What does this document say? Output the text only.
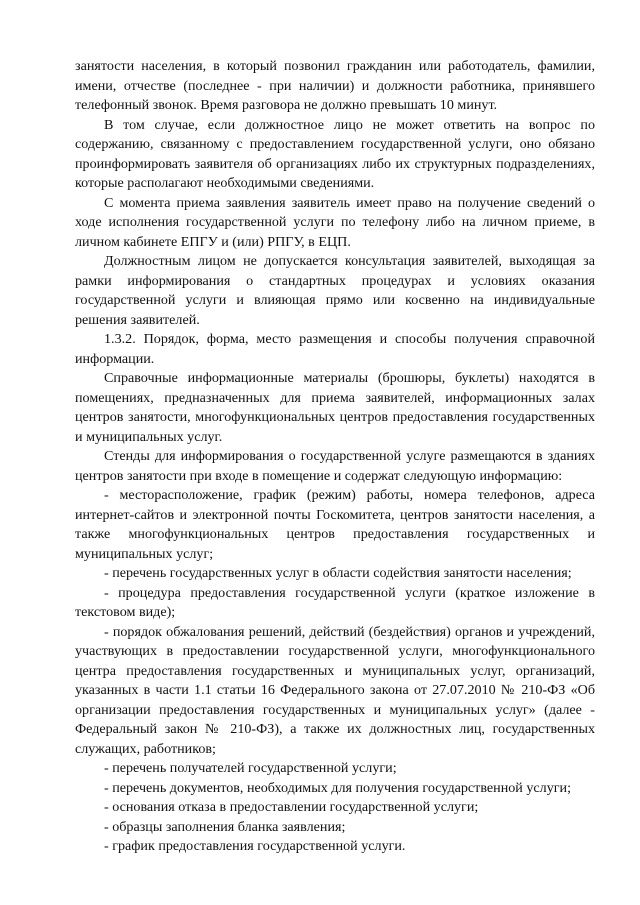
занятости населения, в который позвонил гражданин или работодатель, фамилии, имени, отчестве (последнее - при наличии) и должности работника, принявшего телефонный звонок. Время разговора не должно превышать 10 минут.

В том случае, если должностное лицо не может ответить на вопрос по содержанию, связанному с предоставлением государственной услуги, оно обязано проинформировать заявителя об организациях либо их структурных подразделениях, которые располагают необходимыми сведениями.

С момента приема заявления заявитель имеет право на получение сведений о ходе исполнения государственной услуги по телефону либо на личном приеме, в личном кабинете ЕПГУ и (или) РПГУ, в ЕЦП.

Должностным лицом не допускается консультация заявителей, выходящая за рамки информирования о стандартных процедурах и условиях оказания государственной услуги и влияющая прямо или косвенно на индивидуальные решения заявителей.

1.3.2. Порядок, форма, место размещения и способы получения справочной информации.

Справочные информационные материалы (брошюры, буклеты) находятся в помещениях, предназначенных для приема заявителей, информационных залах центров занятости, многофункциональных центров предоставления государственных и муниципальных услуг.

Стенды для информирования о государственной услуге размещаются в зданиях центров занятости при входе в помещение и содержат следующую информацию:

- месторасположение, график (режим) работы, номера телефонов, адреса интернет-сайтов и электронной почты Госкомитета, центров занятости населения, а также многофункциональных центров предоставления государственных и муниципальных услуг;

- перечень государственных услуг в области содействия занятости населения;

- процедура предоставления государственной услуги (краткое изложение в текстовом виде);

- порядок обжалования решений, действий (бездействия) органов и учреждений, участвующих в предоставлении государственной услуги, многофункционального центра предоставления государственных и муниципальных услуг, организаций, указанных в части 1.1 статьи 16 Федерального закона от 27.07.2010 № 210-ФЗ «Об организации предоставления государственных и муниципальных услуг» (далее - Федеральный закон № 210-ФЗ), а также их должностных лиц, государственных служащих, работников;

- перечень получателей государственной услуги;

- перечень документов, необходимых для получения государственной услуги;

- основания отказа в предоставлении государственной услуги;

- образцы заполнения бланка заявления;

- график предоставления государственной услуги.
